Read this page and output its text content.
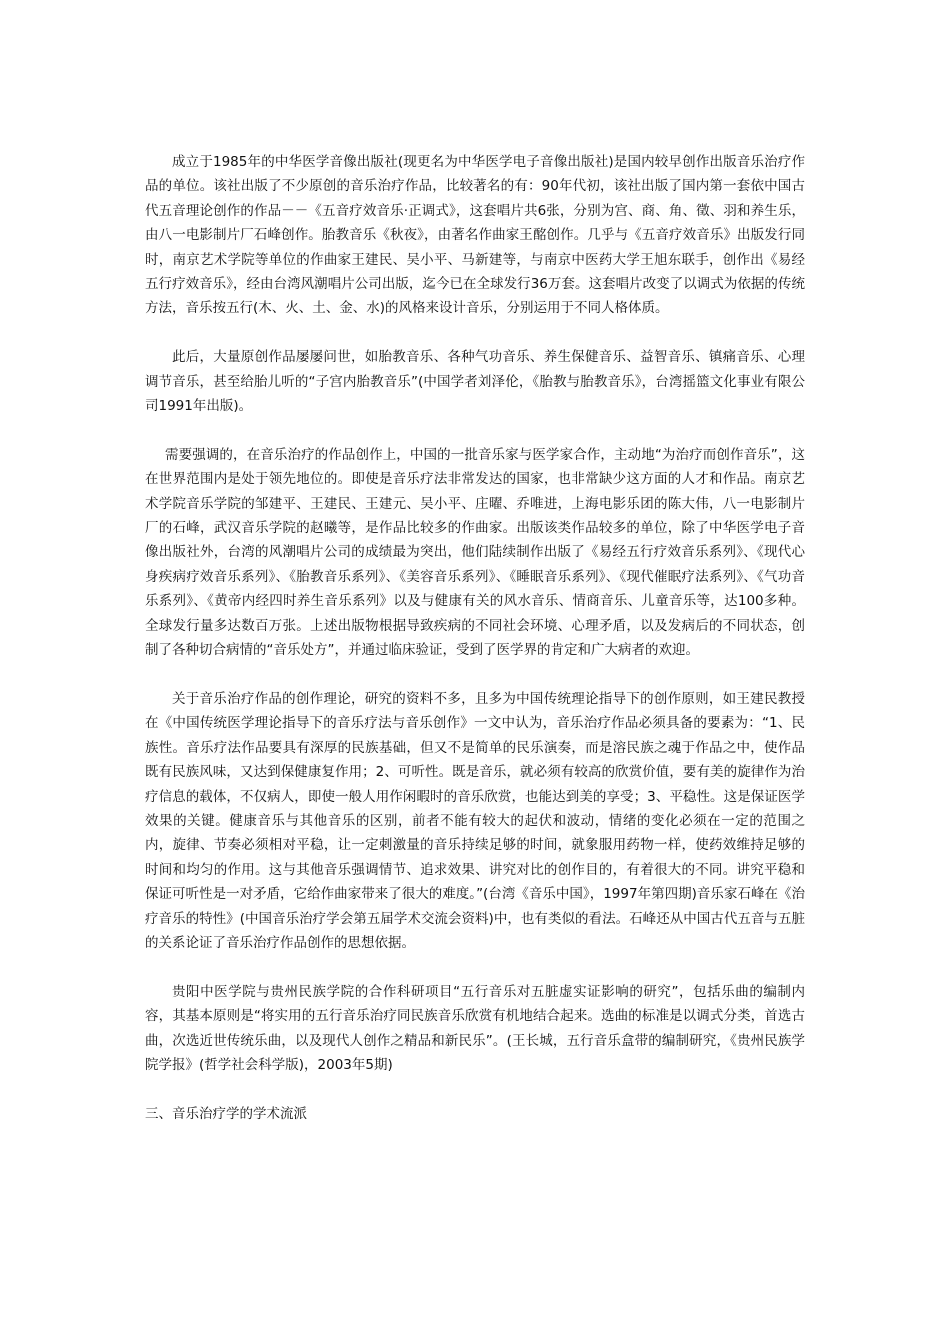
成立于1985年的中华医学音像出版社(现更名为中华医学电子音像出版社)是国内较早创作出版音乐治疗作品的单位。该社出版了不少原创的音乐治疗作品，比较著名的有：90年代初，该社出版了国内第一套依中国古代五音理论创作的作品－－《五音疗效音乐·正调式》，这套唱片共6张，分别为宫、商、角、徵、羽和养生乐，由八一电影制片厂石峰创作。胎教音乐《秋夜》，由著名作曲家王酩创作。几乎与《五音疗效音乐》出版发行同时，南京艺术学院等单位的作曲家王建民、吴小平、马新建等，与南京中医药大学王旭东联手，创作出《易经五行疗效音乐》，经由台湾风潮唱片公司出版，迄今已在全球发行36万套。这套唱片改变了以调式为依据的传统方法，音乐按五行(木、火、土、金、水)的风格来设计音乐，分别运用于不同人格体质。

此后，大量原创作品屡屡问世，如胎教音乐、各种气功音乐、养生保健音乐、益智音乐、镇痛音乐、心理调节音乐，甚至给胎儿听的“子宫内胎教音乐”(中国学者刘泽伦，《胎教与胎教音乐》，台湾摇篮文化事业有限公司1991年出版)。

需要强调的，在音乐治疗的作品创作上，中国的一批音乐家与医学家合作，主动地“为治疗而创作音乐”，这在世界范围内是处于领先地位的。即使是音乐疗法非常发达的国家，也非常缺少这方面的人才和作品。南京艺术学院音乐学院的邹建平、王建民、王建元、吴小平、庄曜、乔唯进，上海电影乐团的陈大伟，八一电影制片厂的石峰，武汉音乐学院的赵曦等，是作品比较多的作曲家。出版该类作品较多的单位，除了中华医学电子音像出版社外，台湾的风潮唱片公司的成绩最为突出，他们陆续制作出版了《易经五行疗效音乐系列》、《现代心身疾病疗效音乐系列》、《胎教音乐系列》、《美容音乐系列》、《睡眠音乐系列》、《现代催眠疗法系列》、《气功音乐系列》、《黄帝内经四时养生音乐系列》以及与健康有关的风水音乐、情商音乐、儿童音乐等，达100多种。全球发行量多达数百万张。上述出版物根据导致疾病的不同社会环境、心理矛盾，以及发病后的不同状态，创制了各种切合病情的“音乐处方”，并通过临床验证，受到了医学界的肯定和广大病者的欢迎。

关于音乐治疗作品的创作理论，研究的资料不多，且多为中国传统理论指导下的创作原则，如王建民教授在《中国传统医学理论指导下的音乐疗法与音乐创作》一文中认为，音乐治疗作品必须具备的要素为：“1、民族性。音乐疗法作品要具有深厚的民族基础，但又不是简单的民乐演奏，而是溶民族之魂于作品之中，使作品既有民族风味，又达到保健康复作用；2、可听性。既是音乐，就必须有较高的欣赏价值，要有美的旋律作为治疗信息的载体，不仅病人，即使一般人用作闲暇时的音乐欣赏，也能达到美的享受；3、平稳性。这是保证医学效果的关键。健康音乐与其他音乐的区别，前者不能有较大的起伏和波动，情绪的变化必须在一定的范围之内，旋律、节奏必须相对平稳，让一定刺激量的音乐持续足够的时间，就象服用药物一样，使药效维持足够的时间和均匀的作用。这与其他音乐强调情节、追求效果、讲究对比的创作目的，有着很大的不同。讲究平稳和保证可听性是一对矛盾，它给作曲家带来了很大的难度。”(台湾《音乐中国》，1997年第四期)音乐家石峰在《治疗音乐的特性》(中国音乐治疗学会第五届学术交流会资料)中，也有类似的看法。石峰还从中国古代五音与五脏的关系论证了音乐治疗作品创作的思想依据。

贵阳中医学院与贵州民族学院的合作科研项目“五行音乐对五脏虚实证影响的研究”，包括乐曲的编制内容，其基本原则是“将实用的五行音乐治疗同民族音乐欣赏有机地结合起来。选曲的标准是以调式分类，首选古曲，次选近世传统乐曲，以及现代人创作之精品和新民乐”。(王长城，五行音乐盒带的编制研究，《贵州民族学院学报》(哲学社会科学版)，2003年5期)

三、音乐治疗学的学术流派
